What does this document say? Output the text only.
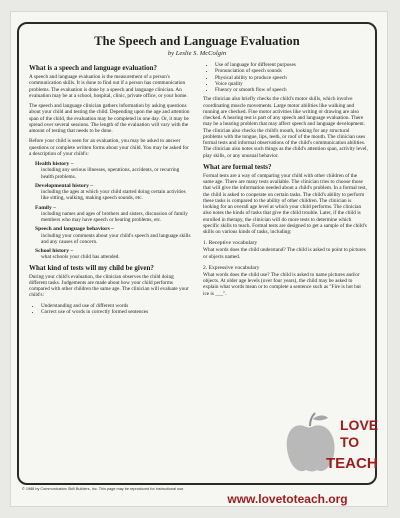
The Speech and Language Evaluation
by Leslie S. McColgin
What is a speech and language evaluation?

A speech and language evaluation is the measurement of a person's communication skills. It is done to find out if a person has communication problems. The evaluation is done by a speech and language clinician. An evaluation may be at a school, hospital, clinic, private office, or your home.

The speech and language clinician gathers information by asking questions about your child and testing the child. Depending upon the age and attention span of the child, the evaluation may be completed in one day. Or, it may be spread over several sessions. The length of the evaluation will vary with the amount of testing that needs to be done.

Before your child is seen for an evaluation, you may be asked to answer questions or complete written forms about your child. You may be asked for a description of your child's:

Health history –
including any serious illnesses, operations, accidents, or recurring health problems.
Developmental history –
including the ages at which your child started doing certain activities like sitting, walking, making speech sounds, etc.
Family –
including names and ages of brothers and sisters, discussion of family members who may have speech or hearing problems, etc.
Speech and language behaviors –
including your comments about your child's speech and language skills and any causes of concern.
School history –
what schools your child has attended.
What kind of tests will my child be given?

During your child's evaluation, the clinician observes the child doing different tasks. Judgements are made about how your child performs compared with other children the same age. The clinician will evaluate your child's:

• Understanding and use of different words
• Correct use of words in correctly formed sentences
• Use of language for different purposes
• Pronunciation of speech sounds
• Physical ability to produce speech
• Voice quality
• Fluency or smooth flow of speech

The clinician also briefly checks the child's motor skills, which involve coordinating muscle movements. Large motor abilities like walking and running are checked. Fine motor activities like writing or drawing are also checked. A hearing test is part of any speech and language evaluation. There may be a hearing problem that may affect speech and language development. The clinician also checks the child's mouth, looking for any structural problems with the tongue, lips, teeth, or roof of the mouth. The clinician uses formal tests and informal observations of the child's communication abilities. The clinician also notes such things as the child's attention span, activity level, play skills, or any unusual behavior.

What are formal tests?

Formal tests are a way of comparing your child with other children of the same age. There are many tests available. The clinician tries to choose those that will give the information needed about a child's problem. In a formal test, the child is asked to cooperate on certain tasks. The child's ability to perform these tasks is compared to the ability of other children. The clinician is looking for an overall age level at which your child performs. The clinician also notes the kinds of tasks that give the child trouble. Later, if the child is enrolled in therapy, the clinician will do more tests to determine which specific skills to teach. Formal tests are designed to get a sample of the child's skills on various kinds of tasks, including:

1. Receptive vocabulary

What words does the child understand? The child is asked to point to pictures or objects named.

2. Expressive vocabulary

What words does the child use? The child is asked to name pictures and/or objects. At older age levels (over four years), the child may be asked to explain what words mean or to complete a sentence such as "Fire is hot but ice is ___".

© 1988 by Communication Skill Builders, Inc. This page may be reproduced for instructional use.
LOVE
TO
TEACH
www.lovetoteach.org
